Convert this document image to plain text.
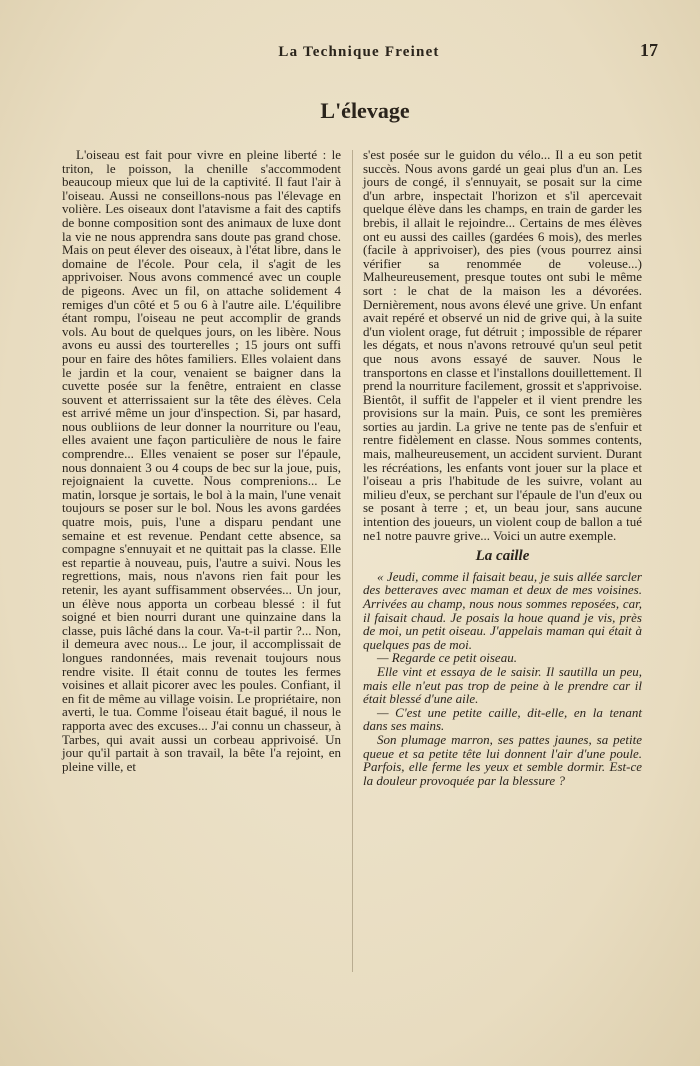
La Technique Freinet	17
L'élevage

L'oiseau est fait pour vivre en pleine liberté : le triton, le poisson, la chenille s'accommodent beaucoup mieux que lui de la captivité. Il faut l'air à l'oiseau. Aussi ne conseillons-nous pas l'élevage en volière. Les oiseaux dont l'atavisme a fait des captifs de bonne composition sont des animaux de luxe dont la vie ne nous apprendra sans doute pas grand chose. Mais on peut élever des oiseaux, à l'état libre, dans le domaine de l'école. Pour cela, il s'agit de les apprivoiser. Nous avons commencé avec un couple de pigeons. Avec un fil, on attache solidement 4 remiges d'un côté et 5 ou 6 à l'autre aile. L'équilibre étant rompu, l'oiseau ne peut accomplir de grands vols. Au bout de quelques jours, on les libère. Nous avons eu aussi des tourterelles ; 15 jours ont suffi pour en faire des hôtes familiers. Elles volaient dans le jardin et la cour, venaient se baigner dans la cuvette posée sur la fenêtre, entraient en classe souvent et atterrissaient sur la tête des élèves. Cela est arrivé même un jour d'inspection. Si, par hasard, nous oubliions de leur donner la nourriture ou l'eau, elles avaient une façon particulière de nous le faire comprendre... Elles venaient se poser sur l'épaule, nous donnaient 3 ou 4 coups de bec sur la joue, puis, rejoignaient la cuvette. Nous comprenions... Le matin, lorsque je sortais, le bol à la main, l'une venait toujours se poser sur le bol. Nous les avons gardées quatre mois, puis, l'une a disparu pendant une semaine et est revenue. Pendant cette absence, sa compagne s'ennuyait et ne quittait pas la classe. Elle est repartie à nouveau, puis, l'autre a suivi. Nous les regrettions, mais, nous n'avons rien fait pour les retenir, les ayant suffisamment observées... Un jour, un élève nous apporta un corbeau blessé : il fut soigné et bien nourri durant une quinzaine dans la classe, puis lâché dans la cour. Va-t-il partir ?... Non, il demeura avec nous... Le jour, il accomplissait de longues randonnées, mais revenait toujours nous rendre visite. Il était connu de toutes les fermes voisines et allait picorer avec les poules. Confiant, il en fit de même au village voisin. Le propriétaire, non averti, le tua. Comme l'oiseau était bagué, il nous le rapporta avec des excuses... J'ai connu un chasseur, à Tarbes, qui avait aussi un corbeau apprivoisé. Un jour qu'il partait à son travail, la bête l'a rejoint, en pleine ville, et

s'est posée sur le guidon du vélo... Il a eu son petit succès. Nous avons gardé un geai plus d'un an. Les jours de congé, il s'ennuyait, se posait sur la cime d'un arbre, inspectait l'horizon et s'il apercevait quelque élève dans les champs, en train de garder les brebis, il allait le rejoindre... Certains de mes élèves ont eu aussi des cailles (gardées 6 mois), des merles (facile à apprivoiser), des pies (vous pourrez ainsi vérifier sa renommée de voleuse...) Malheureusement, presque toutes ont subi le même sort : le chat de la maison les a dévorées. Dernièrement, nous avons élevé une grive. Un enfant avait repéré et observé un nid de grive qui, à la suite d'un violent orage, fut détruit ; impossible de réparer les dégats, et nous n'avons retrouvé qu'un seul petit que nous avons essayé de sauver. Nous le transportons en classe et l'installons douillettement. Il prend la nourriture facilement, grossit et s'apprivoise. Bientôt, il suffit de l'appeler et il vient prendre les provisions sur la main. Puis, ce sont les premières sorties au jardin. La grive ne tente pas de s'enfuir et rentre fidèlement en classe. Nous sommes contents, mais, malheureusement, un accident survient. Durant les récréations, les enfants vont jouer sur la place et l'oiseau a pris l'habitude de les suivre, volant au milieu d'eux, se perchant sur l'épaule de l'un d'eux ou se posant à terre ; et, un beau jour, sans aucune intention des joueurs, un violent coup de ballon a tué ne1 notre pauvre grive... Voici un autre exemple.

La caille

« Jeudi, comme il faisait beau, je suis allée sarcler des betteraves avec maman et deux de mes voisines. Arrivées au champ, nous nous sommes reposées, car, il faisait chaud. Je posais la houe quand je vis, près de moi, un petit oiseau. J'appelais maman qui était à quelques pas de moi.

— Regarde ce petit oiseau.

Elle vint et essaya de le saisir. Il sautilla un peu, mais elle n'eut pas trop de peine à le prendre car il était blessé d'une aile.

— C'est une petite caille, dit-elle, en la tenant dans ses mains.

Son plumage marron, ses pattes jaunes, sa petite queue et sa petite tête lui donnent l'air d'une poule. Parfois, elle ferme les yeux et semble dormir. Est-ce la douleur provoquée par la blessure ?
